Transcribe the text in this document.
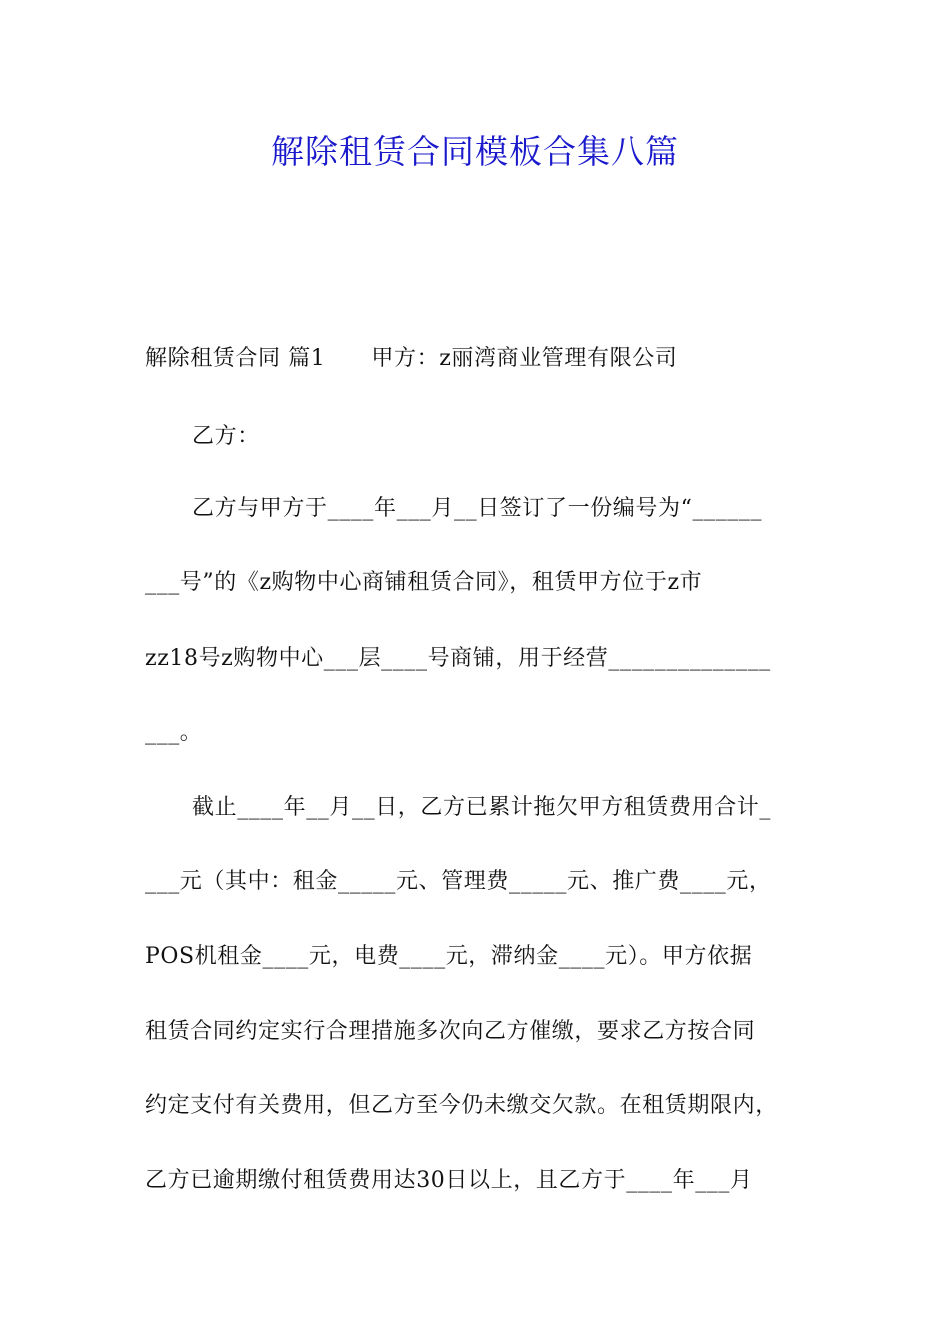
解除租赁合同模板合集八篇
解除租赁合同 篇1 甲方：z丽湾商业管理有限公司
乙方：
乙方与甲方于____年___月__日签订了一份编号为“______
___号”的《z购物中心商铺租赁合同》，租赁甲方位于z市
zz18号z购物中心___层____号商铺，用于经营______________
___。
截止____年__月__日，乙方已累计拖欠甲方租赁费用合计_
___元（其中：租金_____元、管理费_____元、推广费____元，
POS机租金____元，电费____元，滞纳金____元）。甲方依据
租赁合同约定实行合理措施多次向乙方催缴，要求乙方按合同
约定支付有关费用，但乙方至今仍未缴交欠款。在租赁期限内，
乙方已逾期缴付租赁费用达30日以上，且乙方于____年___月
